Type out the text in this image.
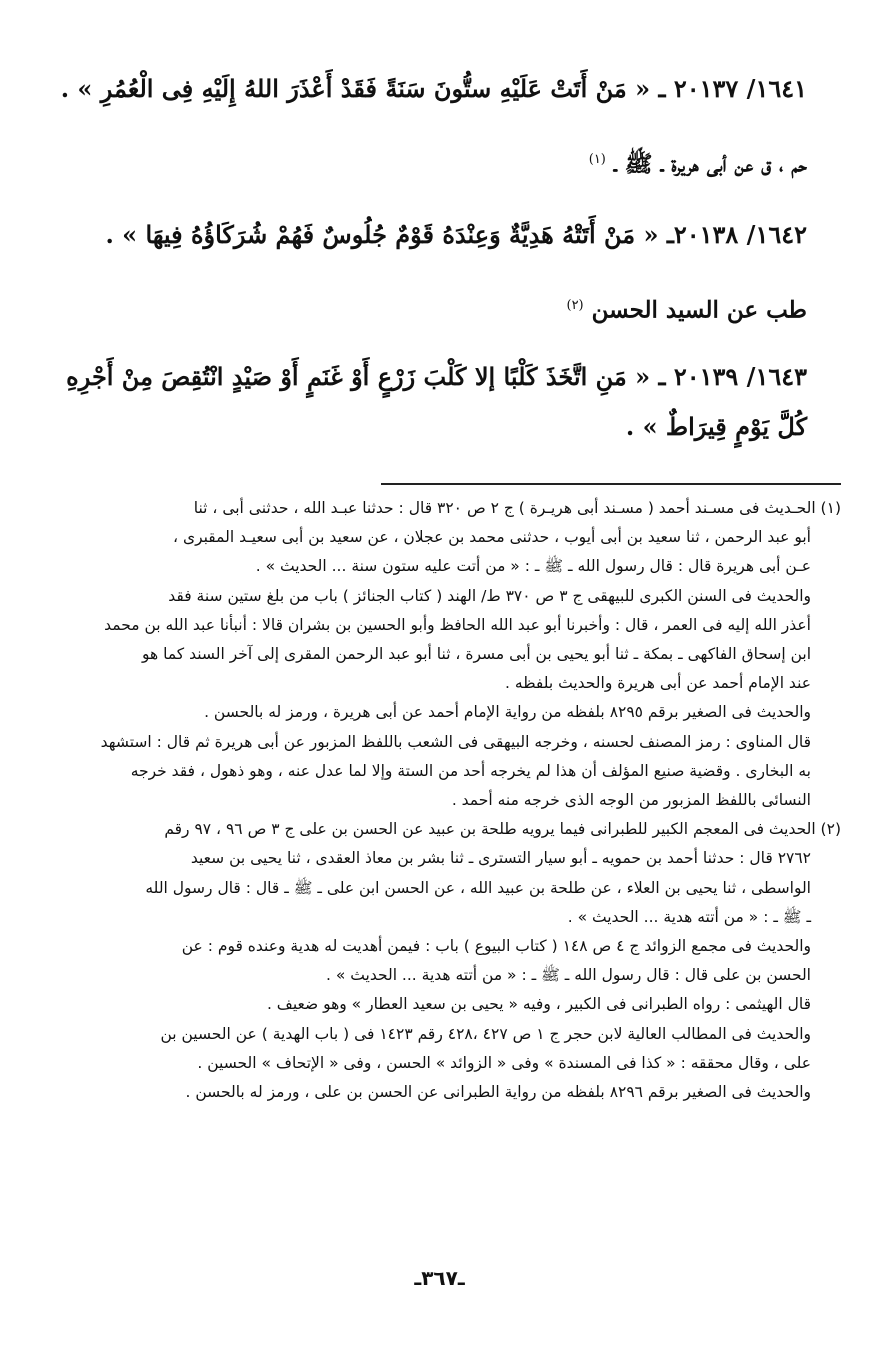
١٦٤١/ ٢٠١٣٧ ـ « مَنْ أَتَتْ عَلَيْهِ ستُّونَ سَنَةً فَقَدْ أَعْذَرَ اللهُ إِلَيْهِ فِى الْعُمُرِ » .
حم ، ق عن أبى هريرة ـ ﷺ ـ $^{(١)}$
١٦٤٢/ ٢٠١٣٨ـ « مَنْ أَتَتْهُ هَدِيَّةٌ وَعِنْدَهُ قَوْمٌ جُلُوسٌ فَهُمْ شُرَكَاؤُهُ فِيهَا » .
طب عن السيد الحسن $^{(٢)}$
١٦٤٣/ ٢٠١٣٩ ـ « مَنِ اتَّخَذَ كَلْبًا إلا كَلْبَ زَرْعٍ أَوْ غَنَمٍ أَوْ صَيْدٍ انْتُقِصَ مِنْ أَجْرِهِ
كُلَّ يَوْمٍ قِيرَاطٌ » .
(١) الحـديث فى مسـند أحمد ( مسـند أبى هريـرة ) ج ٢ ص ٣٢٠ قال : حدثنا عبـد الله ، حدثنى أبى ، ثنا
أبو عبد الرحمن ، ثنا سعيد بن أبى أيوب ، حدثنى محمد بن عجلان ، عن سعيد بن أبى سعيـد المقبرى ،
عـن أبى هريرة قال : قال رسول الله ـ ﷺ ـ : « من أتت عليه ستون سنة ... الحديث » .
والحديث فى السنن الكبرى للبيهقى ج ٣ ص ٣٧٠ ط/ الهند ( كتاب الجنائز ) باب من بلغ ستين سنة فقد
أعذر الله إليه فى العمر ، قال : وأخبرنا أبو عبد الله الحافظ وأبو الحسين بن بشران قالا : أنبأنا عبد الله بن محمد
ابن إسحاق الفاكهى ـ بمكة ـ ثنا أبو يحيى بن أبى مسرة ، ثنا أبو عبد الرحمن المقرى إلى آخر السند كما هو
عند الإمام أحمد عن أبى هريرة والحديث بلفظه .
والحديث فى الصغير برقم ٨٢٩٥ بلفظه من رواية الإمام أحمد عن أبى هريرة ، ورمز له بالحسن .
قال المناوى : رمز المصنف لحسنه ، وخرجه البيهقى فى الشعب باللفظ المزبور عن أبى هريرة ثم قال : استشهد
به البخارى . وقضية صنيع المؤلف أن هذا لم يخرجه أحد من الستة وإلا لما عدل عنه ، وهو ذهول ، فقد خرجه
النسائى باللفظ المزبور من الوجه الذى خرجه منه أحمد .
(٢) الحديث فى المعجم الكبير للطبرانى فيما يرويه طلحة بن عبيد عن الحسن بن على ج ٣ ص ٩٦ ، ٩٧ رقم
٢٧٦٢ قال : حدثنا أحمد بن حمويه ـ أبو سيار التسترى ـ ثنا بشر بن معاذ العقدى ، ثنا يحيى بن سعيد
الواسطى ، ثنا يحيى بن العلاء ، عن طلحة بن عبيد الله ، عن الحسن ابن على ـ ﷺ ـ قال : قال رسول الله
ـ ﷺ ـ : « من أتته هدية ... الحديث » .
والحديث فى مجمع الزوائد ج ٤ ص ١٤٨ ( كتاب البيوع ) باب : فيمن أهديت له هدية وعنده قوم : عن
الحسن بن على قال : قال رسول الله ـ ﷺ ـ : « من أتته هدية ... الحديث » .
قال الهيثمى : رواه الطبرانى فى الكبير ، وفيه « يحيى بن سعيد العطار » وهو ضعيف .
والحديث فى المطالب العالية لابن حجر ج ١ ص ٤٢٧ ،٤٢٨ رقم ١٤٢٣ فى ( باب الهدية ) عن الحسين بن
على ، وقال محققه : « كذا فى المسندة » وفى « الزوائد » الحسن ، وفى « الإتحاف » الحسين .
والحديث فى الصغير برقم ٨٢٩٦ بلفظه من رواية الطبرانى عن الحسن بن على ، ورمز له بالحسن .
ـ٣٦٧ـ
